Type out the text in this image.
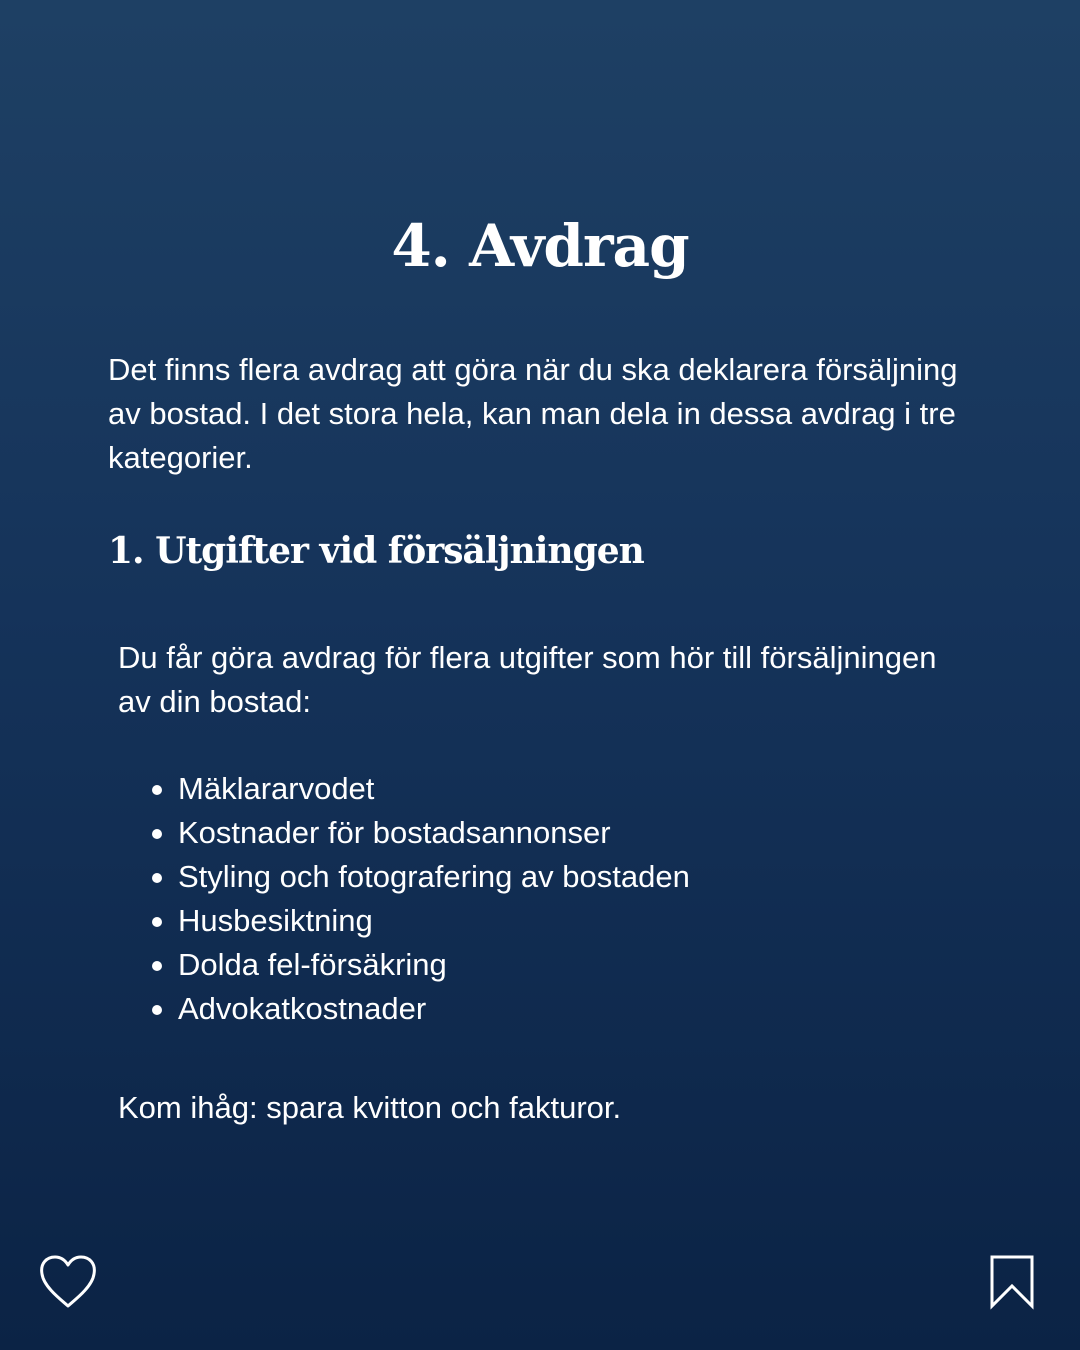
4. Avdrag

Det finns flera avdrag att göra när du ska deklarera försäljning av bostad. I det stora hela, kan man dela in dessa avdrag i tre kategorier.

1. Utgifter vid försäljningen

Du får göra avdrag för flera utgifter som hör till försäljningen av din bostad:

Mäklararvodet
Kostnader för bostadsannonser
Styling och fotografering av bostaden
Husbesiktning
Dolda fel-försäkring
Advokatkostnader

Kom ihåg: spara kvitton och fakturor.
